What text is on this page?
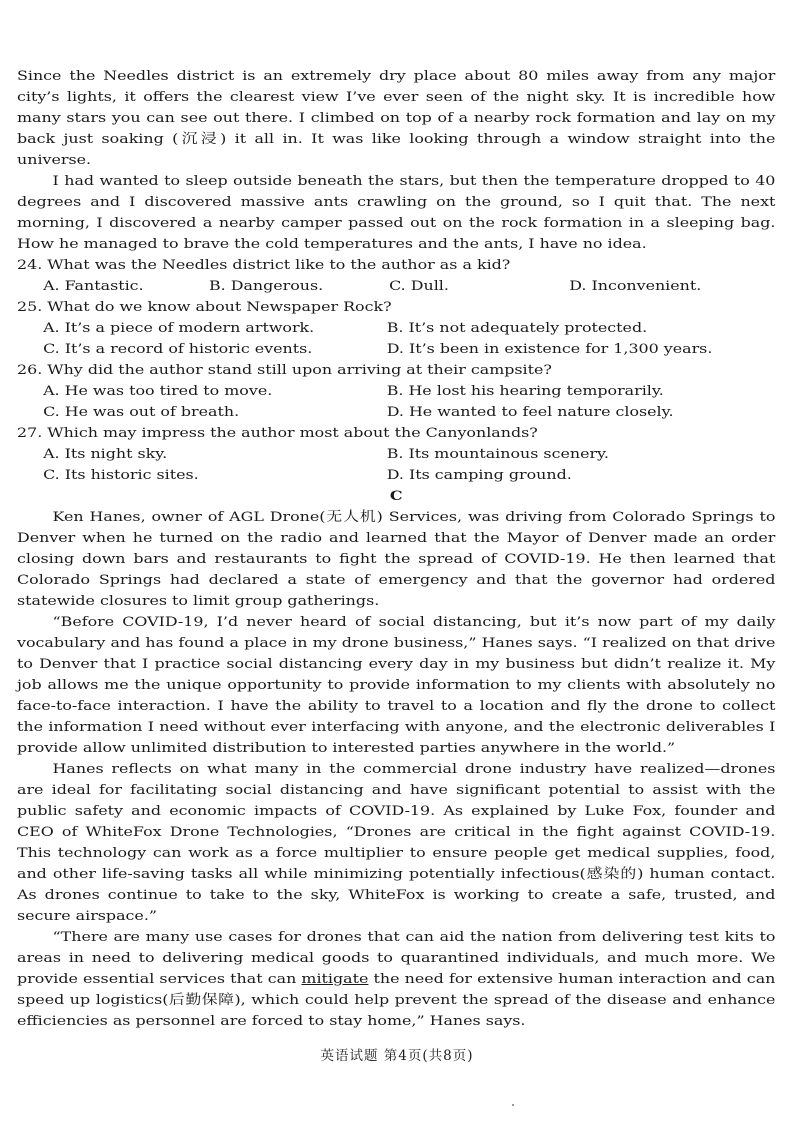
Since the Needles district is an extremely dry place about 80 miles away from any major city’s lights, it offers the clearest view I’ve ever seen of the night sky. It is incredible how many stars you can see out there. I climbed on top of a nearby rock formation and lay on my back just soaking (沉浸) it all in. It was like looking through a window straight into the universe.

I had wanted to sleep outside beneath the stars, but then the temperature dropped to 40 degrees and I discovered massive ants crawling on the ground, so I quit that. The next morning, I discovered a nearby camper passed out on the rock formation in a sleeping bag. How he managed to brave the cold temperatures and the ants, I have no idea.

24. What was the Needles district like to the author as a kid?

A. Fantastic.	B. Dangerous.	C. Dull.	D. Inconvenient.

25. What do we know about Newspaper Rock?

A. It’s a piece of modern artwork.	B. It’s not adequately protected.
C. It’s a record of historic events.	D. It’s been in existence for 1,300 years.

26. Why did the author stand still upon arriving at their campsite?

A. He was too tired to move.	B. He lost his hearing temporarily.
C. He was out of breath.	D. He wanted to feel nature closely.

27. Which may impress the author most about the Canyonlands?

A. Its night sky.	B. Its mountainous scenery.
C. Its historic sites.	D. Its camping ground.

C

Ken Hanes, owner of AGL Drone(无人机) Services, was driving from Colorado Springs to Denver when he turned on the radio and learned that the Mayor of Denver made an order closing down bars and restaurants to fight the spread of COVID-19. He then learned that Colorado Springs had declared a state of emergency and that the governor had ordered statewide closures to limit group gatherings.

“Before COVID-19, I’d never heard of social distancing, but it’s now part of my daily vocabulary and has found a place in my drone business,” Hanes says. “I realized on that drive to Denver that I practice social distancing every day in my business but didn’t realize it. My job allows me the unique opportunity to provide information to my clients with absolutely no face-to-face interaction. I have the ability to travel to a location and fly the drone to collect the information I need without ever interfacing with anyone, and the electronic deliverables I provide allow unlimited distribution to interested parties anywhere in the world.”

Hanes reflects on what many in the commercial drone industry have realized—drones are ideal for facilitating social distancing and have significant potential to assist with the public safety and economic impacts of COVID-19. As explained by Luke Fox, founder and CEO of WhiteFox Drone Technologies, “Drones are critical in the fight against COVID-19. This technology can work as a force multiplier to ensure people get medical supplies, food, and other life-saving tasks all while minimizing potentially infectious(感染的) human contact. As drones continue to take to the sky, WhiteFox is working to create a safe, trusted, and secure airspace.”

“There are many use cases for drones that can aid the nation from delivering test kits to areas in need to delivering medical goods to quarantined individuals, and much more. We provide essential services that can mitigate the need for extensive human interaction and can speed up logistics(后勤保障), which could help prevent the spread of the disease and enhance efficiencies as personnel are forced to stay home,” Hanes says.

英语试题 第4页(共8页)
